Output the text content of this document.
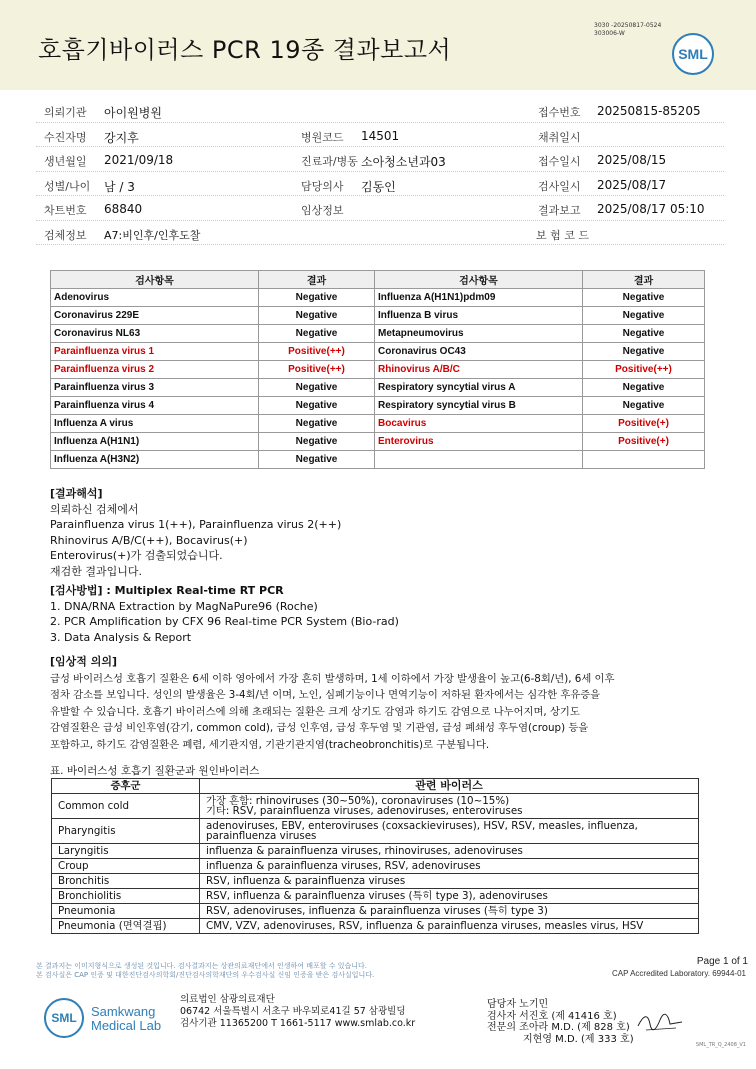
호흡기바이러스 PCR 19종 결과보고서
3030 -20250817-0524
303006-W
SML
의뢰기관 아이원병원	접수번호 20250815-85205
수진자명 강지후	병원코드 14501	채취일시
생년월일 2021/09/18	진료과/병동 소아청소년과03	접수일시 2025/08/15
성별/나이 남 / 3	담당의사 김동인	검사일시 2025/08/17
차트번호 68840	임상정보	결과보고 2025/08/17 05:10
검체정보 A7:비인후/인후도찰	보 험 코 드
검사항목	결과	검사항목	결과
Adenovirus	Negative	Influenza A(H1N1)pdm09	Negative
Coronavirus 229E	Negative	Influenza B virus	Negative
Coronavirus NL63	Negative	Metapneumovirus	Negative
Parainfluenza virus 1	Positive(++)	Coronavirus OC43	Negative
Parainfluenza virus 2	Positive(++)	Rhinovirus A/B/C	Positive(++)
Parainfluenza virus 3	Negative	Respiratory syncytial virus A	Negative
Parainfluenza virus 4	Negative	Respiratory syncytial virus B	Negative
Influenza A virus	Negative	Bocavirus	Positive(+)
Influenza A(H1N1)	Negative	Enterovirus	Positive(+)
Influenza A(H3N2)	Negative		
[결과해석]
의뢰하신 검체에서
Parainfluenza virus 1(++), Parainfluenza virus 2(++)
Rhinovirus A/B/C(++), Bocavirus(+)
Enterovirus(+)가 검출되었습니다.
재검한 결과입니다.
[검사방법] : Multiplex Real-time RT PCR
1. DNA/RNA Extraction by MagNaPure96 (Roche)
2. PCR Amplification by CFX 96 Real-time PCR System (Bio-rad)
3. Data Analysis & Report
[임상적 의의]
급성 바이러스성 호흡기 질환은 6세 이하 영아에서 가장 흔히 발생하며, 1세 이하에서 가장 발생율이 높고(6-8회/년), 6세 이후
점차 감소를 보입니다. 성인의 발생율은 3-4회/년 이며, 노인, 심폐기능이나 면역기능이 저하된 환자에서는 심각한 후유증을
유발할 수 있습니다. 호흡기 바이러스에 의해 초래되는 질환은 크게 상기도 감염과 하기도 감염으로 나누어지며, 상기도
감염질환은 급성 비인후염(감기, common cold), 급성 인후염, 급성 후두염 및 기관염, 급성 폐쇄성 후두염(croup) 등을
포함하고, 하기도 감염질환은 폐렴, 세기관지염, 기관기관지염(tracheobronchitis)로 구분됩니다.
표. 바이러스성 호흡기 질환군과 원인바이러스
증후군	관련 바이러스
Common cold	가장 흔함: rhinoviruses (30~50%), coronaviruses (10~15%)
기타: RSV, parainfluenza viruses, adenoviruses, enteroviruses

Pharyngitis	adenoviruses, EBV, enteroviruses (coxsackieviruses), HSV, RSV, measles, influenza,
parainfluenza viruses

Laryngitis	influenza & parainfluenza viruses, rhinoviruses, adenoviruses

Croup	influenza & parainfluenza viruses, RSV, adenoviruses

Bronchitis	RSV, influenza & parainfluenza viruses

Bronchiolitis	RSV, influenza & parainfluenza viruses (특히 type 3), adenoviruses

Pneumonia	RSV, adenoviruses, influenza & parainfluenza viruses (특히 type 3)

Pneumonia (면역결핍)	CMV, VZV, adenoviruses, RSV, influenza & parainfluenza viruses, measles virus, HSV
본 결과지는 이미지형식으로 생성된 것입니다. 검사결과지는 상관의료재단에서 인생하여 배포할 수 있습니다.
본 검사실은 CAP 인증 및 대한진단검사의학회/진단검사의학재단의 우수검사실 신임 인증을 받은 검사실입니다.
Page 1 of 1
CAP Accredited Laboratory. 69944-01
SML	Samkwang
Medical Lab
의료법인 삼광의료재단
06742 서울특별시 서초구 바우뫼로41길 57 삼광빌딩
검사기관 11365200 T 1661-5117 www.smlab.co.kr
담당자 노기민
검사자 서진호 (제 41416 호)
전문의 조아라 M.D. (제 828 호)
지현영 M.D. (제 333 호)
SML_TR_Q_2408_V1
